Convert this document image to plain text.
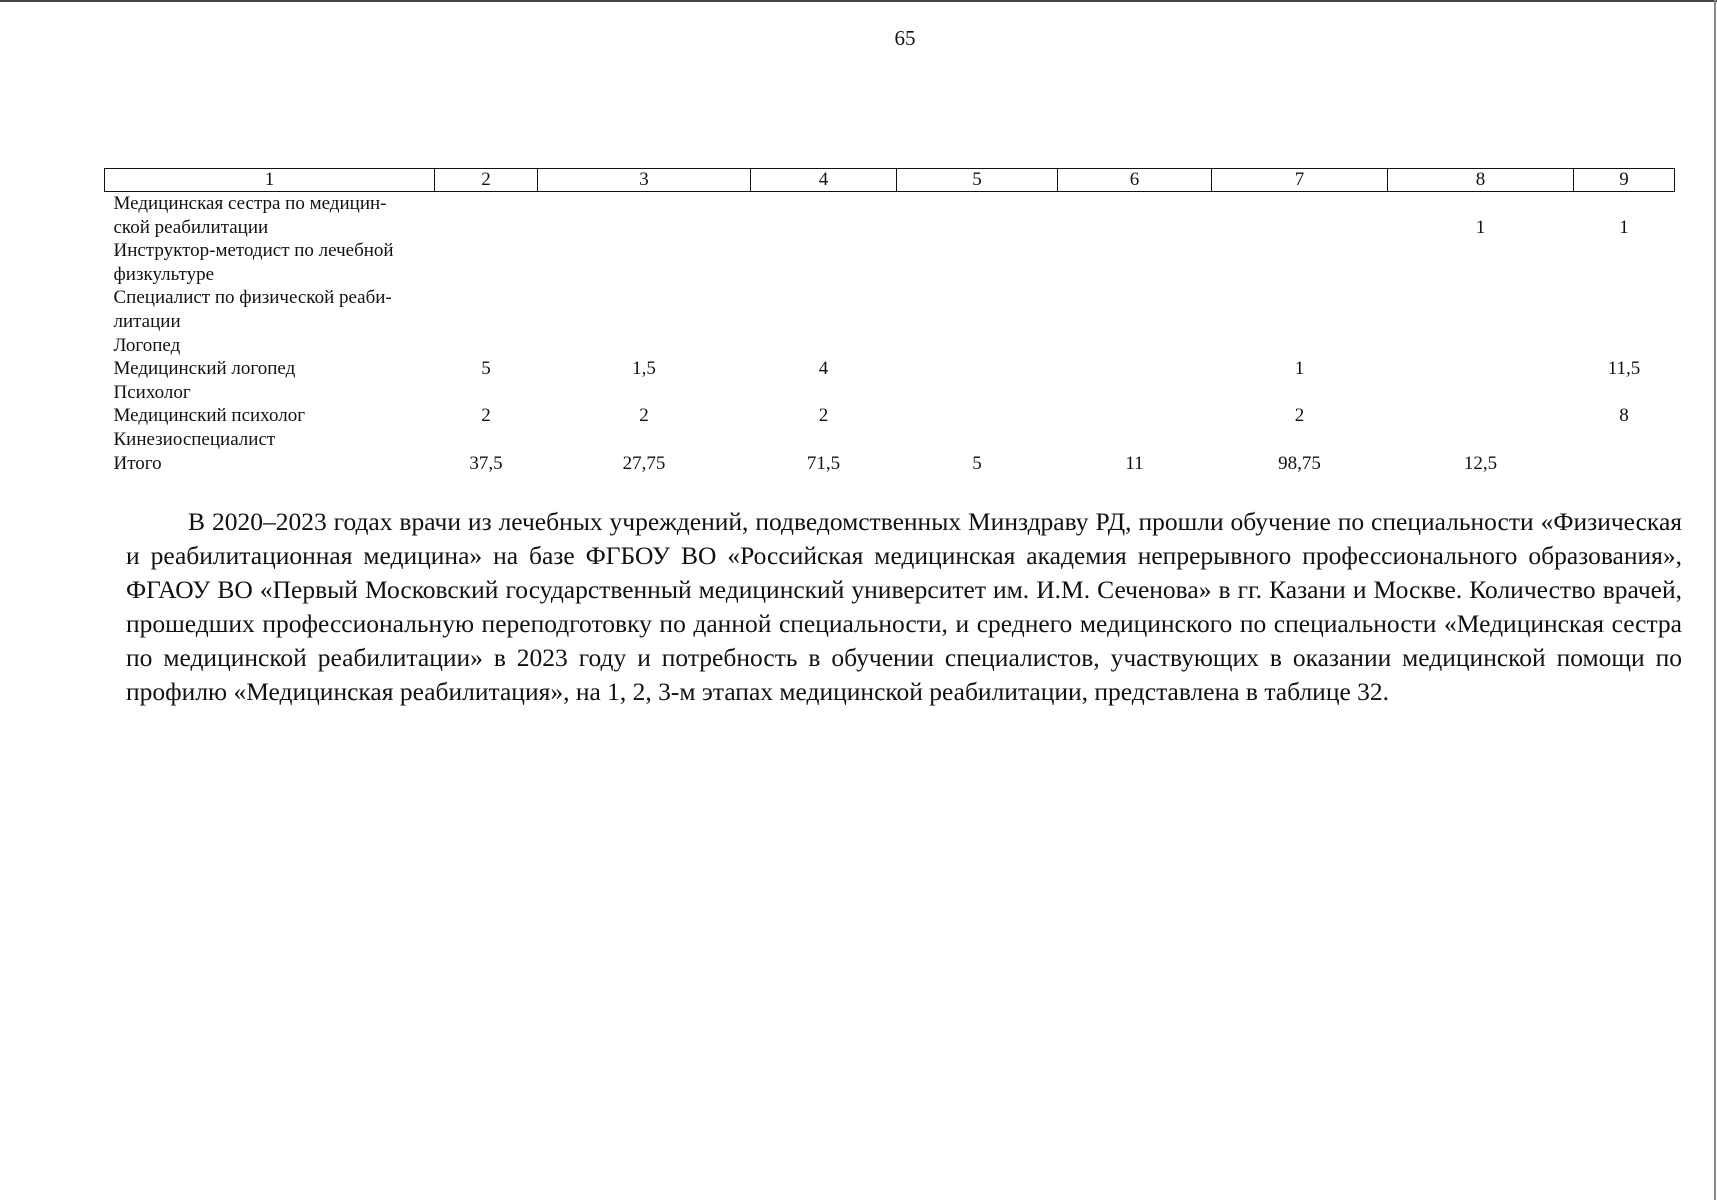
65
1	2	3	4	5	6	7	8	9
Медицинская сестра по медицин-								
ской реабилитации							1	1
Инструктор-методист по лечебной								
физкультуре								
Специалист по физической реаби-								
литации								
Логопед								
Медицинский логопед	5	1,5	4			1		11,5
Психолог								
Медицинский психолог	2	2	2			2		8
Кинезиоспециалист								
Итого	37,5	27,75	71,5	5	11	98,75	12,5	

В 2020–2023 годах врачи из лечебных учреждений, подведомственных Минздраву РД, прошли обучение по специальности «Физическая и реабилитационная медицина» на базе ФГБОУ ВО «Российская медицинская академия непрерывного профессионального образования», ФГАОУ ВО «Первый Московский государственный медицинский университет им. И.М. Сеченова» в гг. Казани и Москве. Количество врачей, прошедших профессиональную переподготовку по данной специальности, и среднего медицинского по специальности «Медицинская сестра по медицинской реабилитации» в 2023 году и потребность в обучении специалистов, участвующих в оказании медицинской помощи по профилю «Медицинская реабилитация», на 1, 2, 3-м этапах медицинской реабилитации, представлена в таблице 32.
